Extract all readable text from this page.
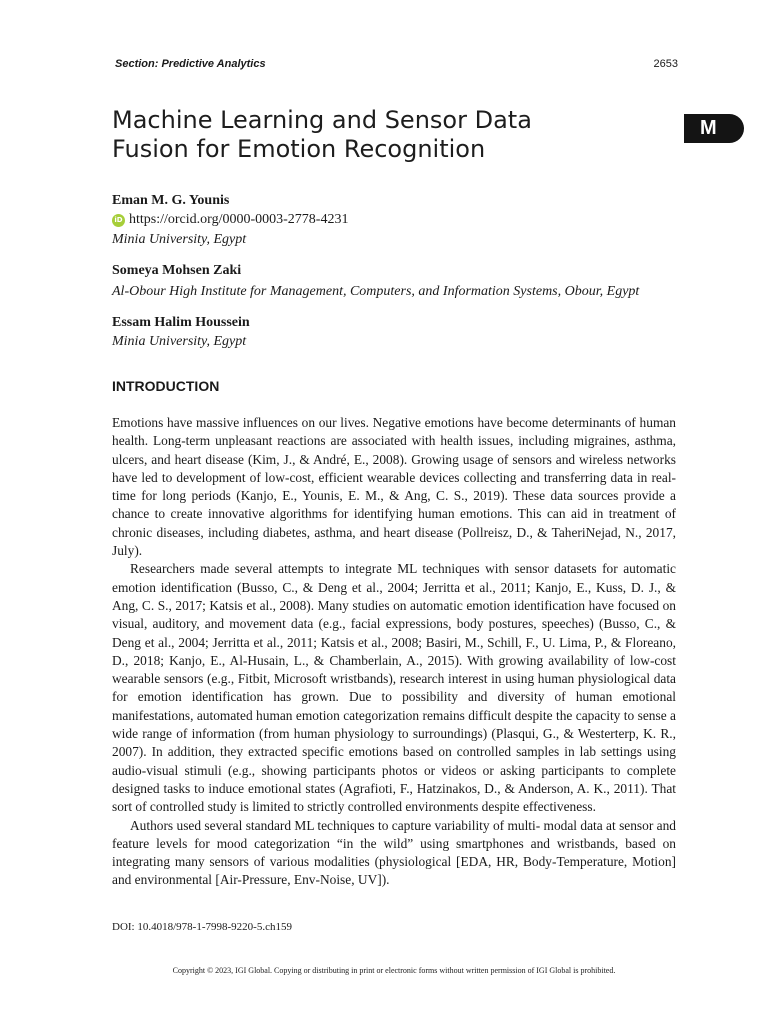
Section: Predictive Analytics	2653
Machine Learning and Sensor Data
Fusion for Emotion Recognition
M
Eman M. G. Younis
iD https://orcid.org/0000-0003-2778-4231
Minia University, Egypt
Someya Mohsen Zaki
Al-Obour High Institute for Management, Computers, and Information Systems, Obour, Egypt
Essam Halim Houssein
Minia University, Egypt
INTRODUCTION

Emotions have massive influences on our lives. Negative emotions have become determinants of human health. Long-term unpleasant reactions are associated with health issues, including migraines, asthma, ulcers, and heart disease (Kim, J., & André, E., 2008). Growing usage of sensors and wireless networks have led to development of low-cost, efficient wearable devices collecting and transferring data in real-time for long periods (Kanjo, E., Younis, E. M., & Ang, C. S., 2019). These data sources provide a chance to create innovative algorithms for identifying human emotions. This can aid in treatment of chronic diseases, including diabetes, asthma, and heart disease (Pollreisz, D., & TaheriNejad, N., 2017, July).

Researchers made several attempts to integrate ML techniques with sensor datasets for automatic emotion identification (Busso, C., & Deng et al., 2004; Jerritta et al., 2011; Kanjo, E., Kuss, D. J., & Ang, C. S., 2017; Katsis et al., 2008). Many studies on automatic emotion identification have focused on visual, auditory, and movement data (e.g., facial expressions, body postures, speeches) (Busso, C., & Deng et al., 2004; Jerritta et al., 2011; Katsis et al., 2008; Basiri, M., Schill, F., U. Lima, P., & Floreano, D., 2018; Kanjo, E., Al-Husain, L., & Chamberlain, A., 2015). With growing availability of low-cost wearable sensors (e.g., Fitbit, Microsoft wristbands), research interest in using human physiological data for emotion identification has grown. Due to possibility and diversity of human emotional manifestations, automated human emotion categorization remains difficult despite the capacity to sense a wide range of information (from human physiology to surroundings) (Plasqui, G., & Westerterp, K. R., 2007). In addition, they extracted specific emotions based on controlled samples in lab settings using audio-visual stimuli (e.g., showing participants photos or videos or asking participants to complete designed tasks to induce emotional states (Agrafioti, F., Hatzinakos, D., & Anderson, A. K., 2011). That sort of controlled study is limited to strictly controlled environments despite effectiveness.

Authors used several standard ML techniques to capture variability of multi- modal data at sensor and feature levels for mood categorization “in the wild” using smartphones and wristbands, based on integrating many sensors of various modalities (physiological [EDA, HR, Body-Temperature, Motion] and environmental [Air-Pressure, Env-Noise, UV]).

DOI: 10.4018/978-1-7998-9220-5.ch159
Copyright © 2023, IGI Global. Copying or distributing in print or electronic forms without written permission of IGI Global is prohibited.
